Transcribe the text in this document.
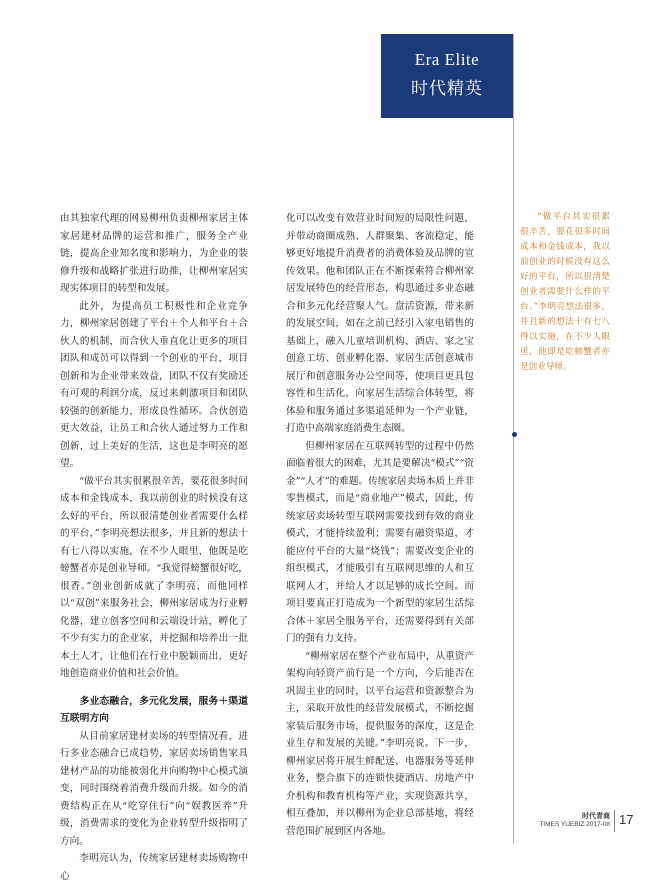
Era Elite
时代精英

由其独家代理的网易柳州负责柳州家居主体家居建材品牌的运营和推广，服务全产业链，提高企业知名度和影响力，为企业的装修升级和战略扩张进行助推，让柳州家居实现实体项目的转型和发展。

此外，为提高员工积极性和企业竞争力，柳州家居创建了平台＋个人和平台＋合伙人的机制，而合伙人垂直化让更多的项目团队和成员可以得到一个创业的平台，项目创新和为企业带来效益，团队不仅有奖励还有可观的利润分成，反过来刺激项目和团队较强的创新能力，形成良性循环。合伙创造更大效益，让员工和合伙人通过努力工作和创新，过上美好的生活，这也是李明亮的愿望。

“做平台其实很累很辛苦，要花很多时间成本和金钱成本，我以前创业的时候没有这么好的平台，所以很清楚创业者需要什么样的平台，”李明亮想法很多，并且新的想法十有七八得以实施，在不少人眼里，他既是吃螃蟹者亦是创业导师。“我觉得螃蟹很好吃，很香。”创业创新成就了李明亮，而他同样以“双创”来服务社会，柳州家居成为行业孵化器，建立创客空间和云端设计站，孵化了不少有实力的企业家，并挖掘和培养出一批本土人才，让他们在行业中脱颖而出，更好地创造商业价值和社会价值。

多业态融合，多元化发展，服务＋渠道互联明方向

从目前家居建材卖场的转型情况看，进行多业态融合已成趋势，家居卖场销售家具建材产品的功能被弱化并向购物中心模式演变，同时围绕着消费升级而升级。如今的消费结构正在从“吃穿住行”向“娱教医养”升级，消费需求的变化为企业转型升级指明了方向。

李明亮认为，传统家居建材卖场购物中心

化可以改变有效营业时间短的局限性问题，并带动商圈成熟、人群聚集、客流稳定，能够更好地提升消费者的消费体验及品牌的宣传效果。他和团队正在不断探索符合柳州家居发展特色的经营形态，构思通过多业态融合和多元化经营聚人气。盘活资源，带来新的发展空间，如在之前已经引入家电销售的基础上，融入儿童培训机构、酒店、家之宝创意工坊、创业孵化器、家居生活创意城市展厅和创意服务办公空间等，使项目更具包容性和生活化，向家居生活综合体转型，将体验和服务通过多渠道延伸为一个产业链，打造中高端家庭消费生态圈。

但柳州家居在互联网转型的过程中仍然面临着很大的困难，尤其是要解决“模式”“资金”“人才”的难题。传统家居卖场本质上并非零售模式，而是“商业地产”模式，因此，传统家居卖场转型互联网需要找到有效的商业模式，才能持续盈利；需要有融资渠道，才能应付平台的大量“烧钱”；需要改变企业的组织模式，才能吸引有互联网思维的人和互联网人才，并给人才以足够的成长空间。而项目要真正打造成为一个新型的家居生活综合体＋家居全服务平台，还需要得到有关部门的强有力支持。

“柳州家居在整个产业布局中，从重资产架构向轻资产前行是一个方向，今后能否在巩固主业的同时，以平台运营和资源整合为主，采取开放性的经营发展模式，不断挖掘家装后服务市场，提供服务的深度，这是企业生存和发展的关键。”李明亮说。下一步，柳州家居将开展生鲜配送、电器服务等延伸业务，整合旗下的连锁快捷酒店、房地产中介机构和教育机构等产业，实现资源共享，相互叠加，并以柳州为企业总部基地，将经营范围扩展到区内各地。

“做平台其实很累很辛苦，要花很多时间成本和金钱成本，我以前创业的时候没有这么好的平台，所以很清楚创业者需要什么样的平台。”李明亮想法很多，并且新的想法十有七八得以实施，在不少人眼里，他即是吃螃蟹者亦是创业导师。

时代青商
TIMES YUEBIZ 2017-08 17
